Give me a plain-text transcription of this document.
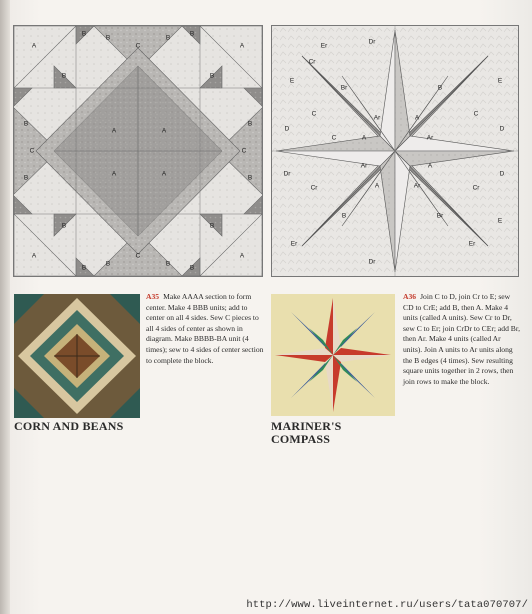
A	A
A	A
C
C
C	C
A	A
A	A
B	B
B	B
B
B
B
B
B	B
B	B
B	B
B	B
Er
Dr
Cr
C
D
E
Br	B
Ar	A
A	Ar
Ar	A
A	Ar
B	Br
E
Er
D
Dr
Cr
C
Cr
C
Dr
D
Er
E
A35 Make AAAA section to form center. Make 4 BBB units; add to center on all 4 sides. Sew C pieces to all 4 sides of center as shown in diagram. Make BBBB-BA unit (4 times); sew to 4 sides of center section to complete the block.
CORN AND BEANS
A36 Join C to D, join Cr to E; sew CD to CrE; add B, then A. Make 4 units (called A units). Sew Cr to Dr, sew C to Er; join CrDr to CEr; add Br, then Ar. Make 4 units (called Ar units). Join A units to Ar units along the B edges (4 times). Sew resulting square units together in 2 rows, then join rows to make the block.
MARINER'S
COMPASS
http://www.liveinternet.ru/users/tata070707/
